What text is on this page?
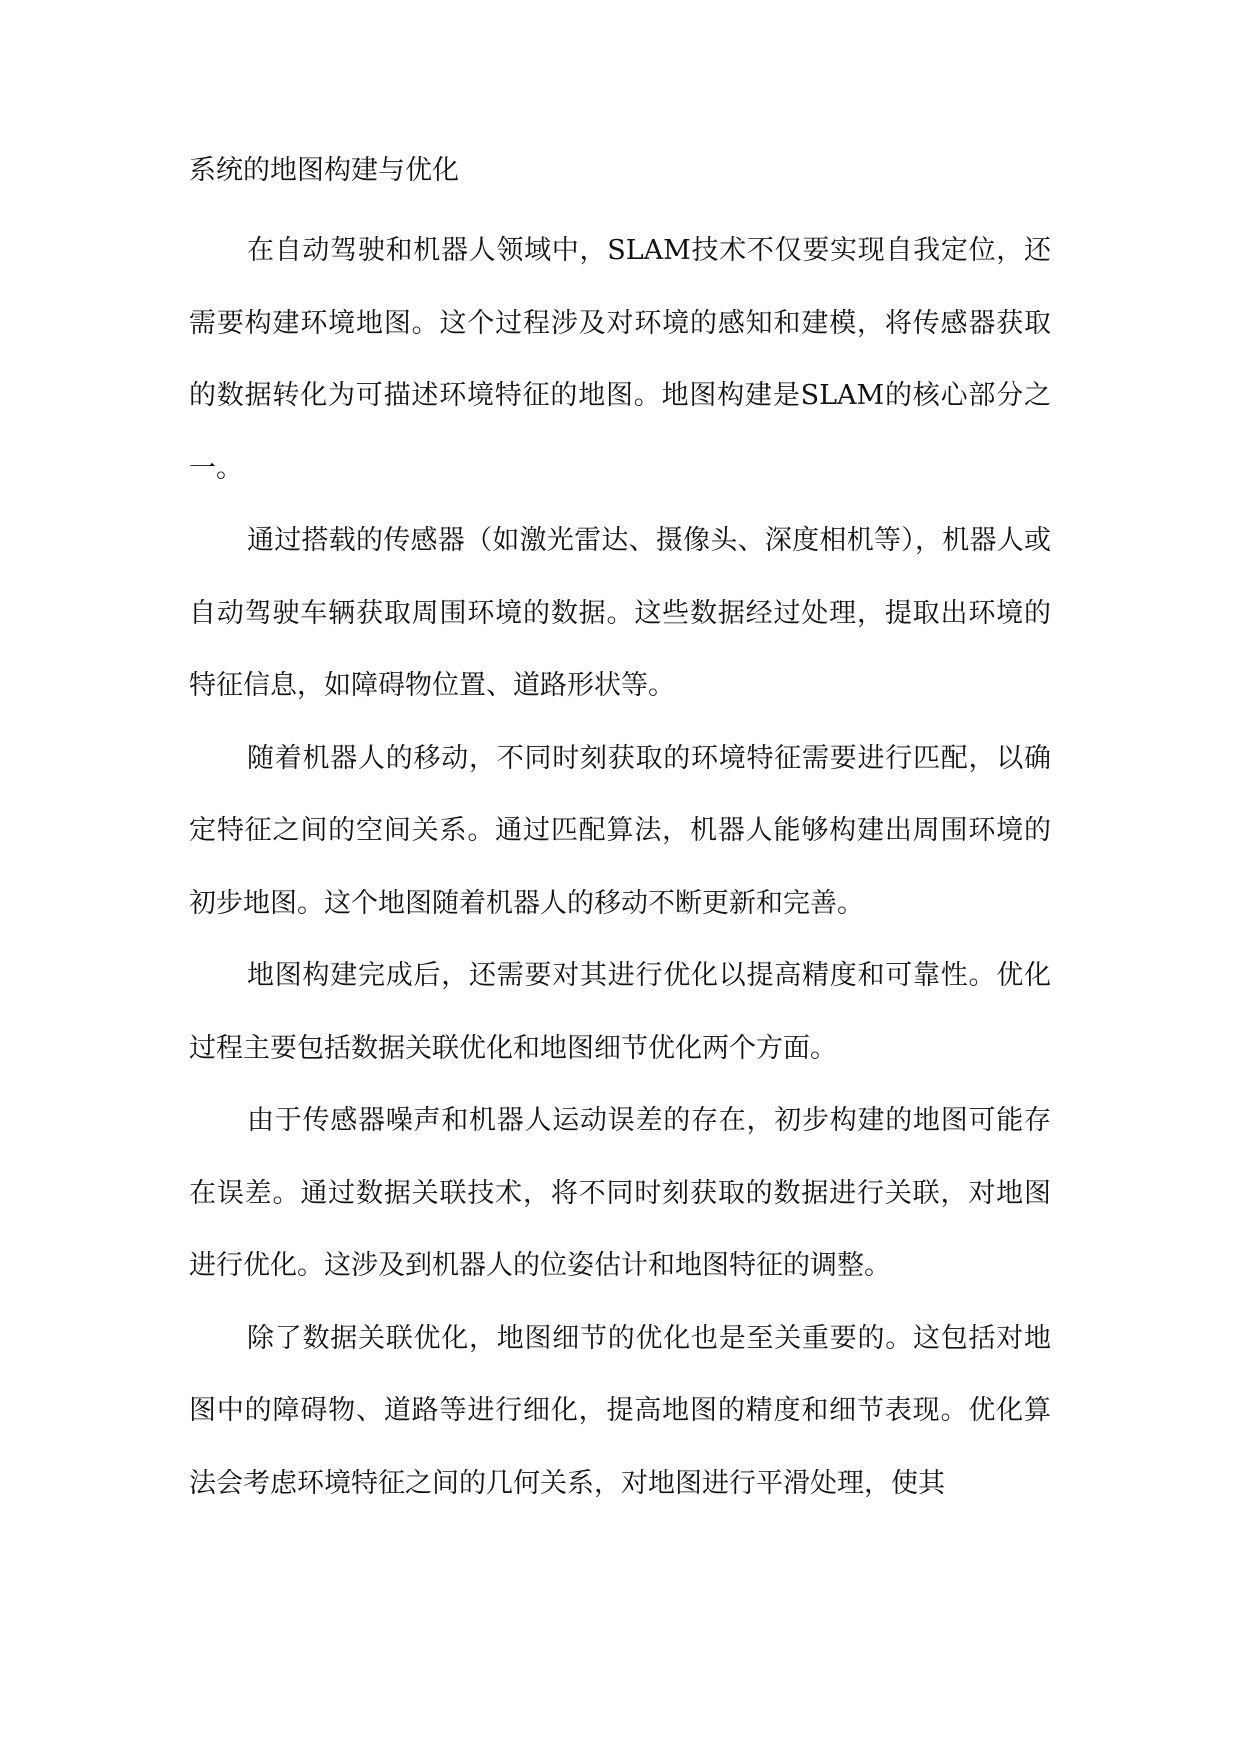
系统的地图构建与优化

在自动驾驶和机器人领域中，SLAM技术不仅要实现自我定位，还需要构建环境地图。这个过程涉及对环境的感知和建模，将传感器获取的数据转化为可描述环境特征的地图。地图构建是SLAM的核心部分之一。

通过搭载的传感器（如激光雷达、摄像头、深度相机等），机器人或自动驾驶车辆获取周围环境的数据。这些数据经过处理，提取出环境的特征信息，如障碍物位置、道路形状等。

随着机器人的移动，不同时刻获取的环境特征需要进行匹配，以确定特征之间的空间关系。通过匹配算法，机器人能够构建出周围环境的初步地图。这个地图随着机器人的移动不断更新和完善。

地图构建完成后，还需要对其进行优化以提高精度和可靠性。优化过程主要包括数据关联优化和地图细节优化两个方面。

由于传感器噪声和机器人运动误差的存在，初步构建的地图可能存在误差。通过数据关联技术，将不同时刻获取的数据进行关联，对地图进行优化。这涉及到机器人的位姿估计和地图特征的调整。

除了数据关联优化，地图细节的优化也是至关重要的。这包括对地图中的障碍物、道路等进行细化，提高地图的精度和细节表现。优化算法会考虑环境特征之间的几何关系，对地图进行平滑处理，使其
